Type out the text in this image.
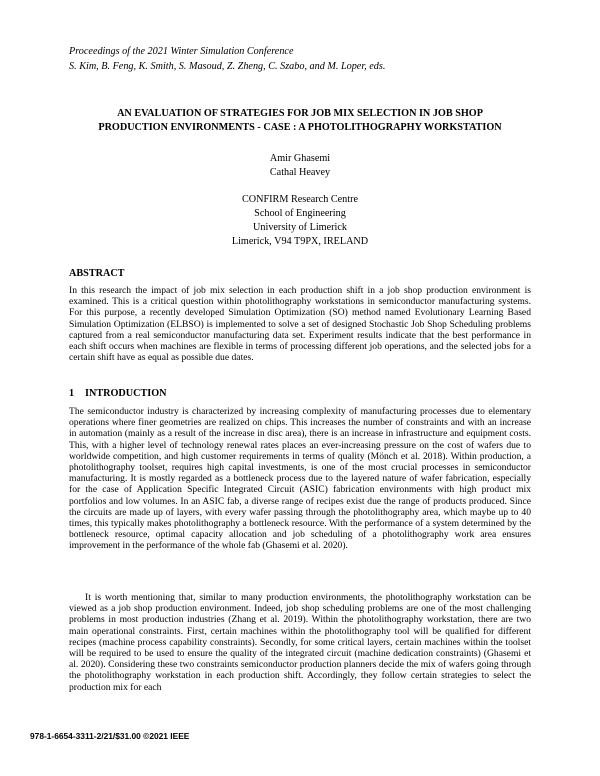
Proceedings of the 2021 Winter Simulation Conference
S. Kim, B. Feng, K. Smith, S. Masoud, Z. Zheng, C. Szabo, and M. Loper, eds.
AN EVALUATION OF STRATEGIES FOR JOB MIX SELECTION IN JOB SHOP
PRODUCTION ENVIRONMENTS - CASE : A PHOTOLITHOGRAPHY WORKSTATION
Amir Ghasemi
Cathal Heavey
CONFIRM Research Centre
School of Engineering
University of Limerick
Limerick, V94 T9PX, IRELAND
ABSTRACT
In this research the impact of job mix selection in each production shift in a job shop production environment is examined. This is a critical question within photolithography workstations in semiconductor manufacturing systems. For this purpose, a recently developed Simulation Optimization (SO) method named Evolutionary Learning Based Simulation Optimization (ELBSO) is implemented to solve a set of designed Stochastic Job Shop Scheduling problems captured from a real semiconductor manufacturing data set. Experiment results indicate that the best performance in each shift occurs when machines are flexible in terms of processing different job operations, and the selected jobs for a certain shift have as equal as possible due dates.
1 INTRODUCTION
The semiconductor industry is characterized by increasing complexity of manufacturing processes due to elementary operations where finer geometries are realized on chips. This increases the number of constraints and with an increase in automation (mainly as a result of the increase in disc area), there is an increase in infrastructure and equipment costs. This, with a higher level of technology renewal rates places an ever-increasing pressure on the cost of wafers due to worldwide competition, and high customer requirements in terms of quality (Mönch et al. 2018). Within production, a photolithography toolset, requires high capital investments, is one of the most crucial processes in semiconductor manufacturing. It is mostly regarded as a bottleneck process due to the layered nature of wafer fabrication, especially for the case of Application Specific Integrated Circuit (ASIC) fabrication environments with high product mix portfolios and low volumes. In an ASIC fab, a diverse range of recipes exist due the range of products produced. Since the circuits are made up of layers, with every wafer passing through the photolithography area, which maybe up to 40 times, this typically makes photolithography a bottleneck resource. With the performance of a system determined by the bottleneck resource, optimal capacity allocation and job scheduling of a photolithography work area ensures improvement in the performance of the whole fab (Ghasemi et al. 2020).
It is worth mentioning that, similar to many production environments, the photolithography workstation can be viewed as a job shop production environment. Indeed, job shop scheduling problems are one of the most challenging problems in most production industries (Zhang et al. 2019). Within the photolithography workstation, there are two main operational constraints. First, certain machines within the photolithography tool will be qualified for different recipes (machine process capability constraints). Secondly, for some critical layers, certain machines within the toolset will be required to be used to ensure the quality of the integrated circuit (machine dedication constraints) (Ghasemi et al. 2020). Considering these two constraints semiconductor production planners decide the mix of wafers going through the photolithography workstation in each production shift. Accordingly, they follow certain strategies to select the production mix for each
978-1-6654-3311-2/21/$31.00 ©2021 IEEE
